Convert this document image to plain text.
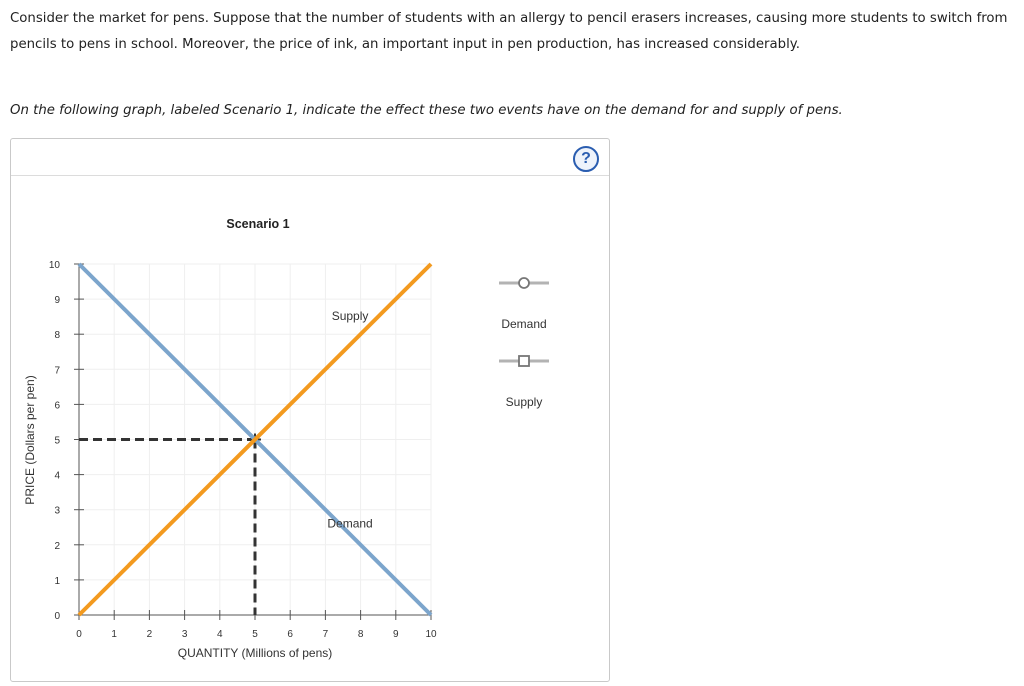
Consider the market for pens. Suppose that the number of students with an allergy to pencil erasers increases, causing more students to switch from pencils to pens in school. Moreover, the price of ink, an important input in pen production, has increased considerably.
On the following graph, labeled Scenario 1, indicate the effect these two events have on the demand for and supply of pens.
?
0	1	2	3	4	5	6	7	8	9	10
0
1
2
3
4
5
6
7
8
9
10
Demand
Supply
Demand
Supply
Scenario 1
QUANTITY (Millions of pens)
PRICE (Dollars per pen)
